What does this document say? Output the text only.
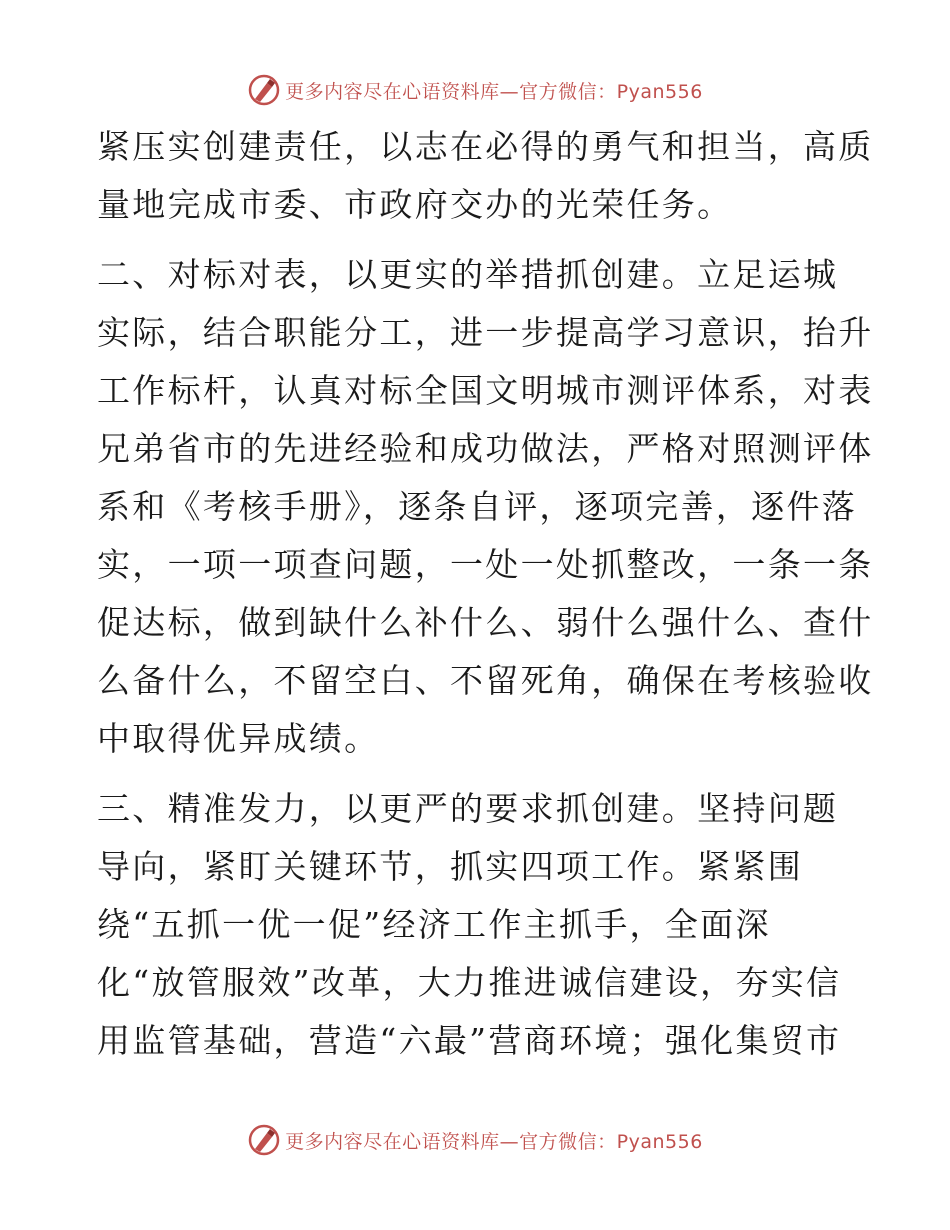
更多内容尽在心语资料库—官方微信：Pyan556
紧压实创建责任，以志在必得的勇气和担当，高质
量地完成市委、市政府交办的光荣任务。
二、对标对表，以更实的举措抓创建。立足运城
实际，结合职能分工，进一步提高学习意识，抬升
工作标杆，认真对标全国文明城市测评体系，对表
兄弟省市的先进经验和成功做法，严格对照测评体
系和《考核手册》，逐条自评，逐项完善，逐件落
实，一项一项查问题，一处一处抓整改，一条一条
促达标，做到缺什么补什么、弱什么强什么、查什
么备什么，不留空白、不留死角，确保在考核验收
中取得优异成绩。
三、精准发力，以更严的要求抓创建。坚持问题
导向，紧盯关键环节，抓实四项工作。紧紧围
绕“五抓一优一促”经济工作主抓手，全面深
化“放管服效”改革，大力推进诚信建设，夯实信
用监管基础，营造“六最”营商环境；强化集贸市
更多内容尽在心语资料库—官方微信：Pyan556
